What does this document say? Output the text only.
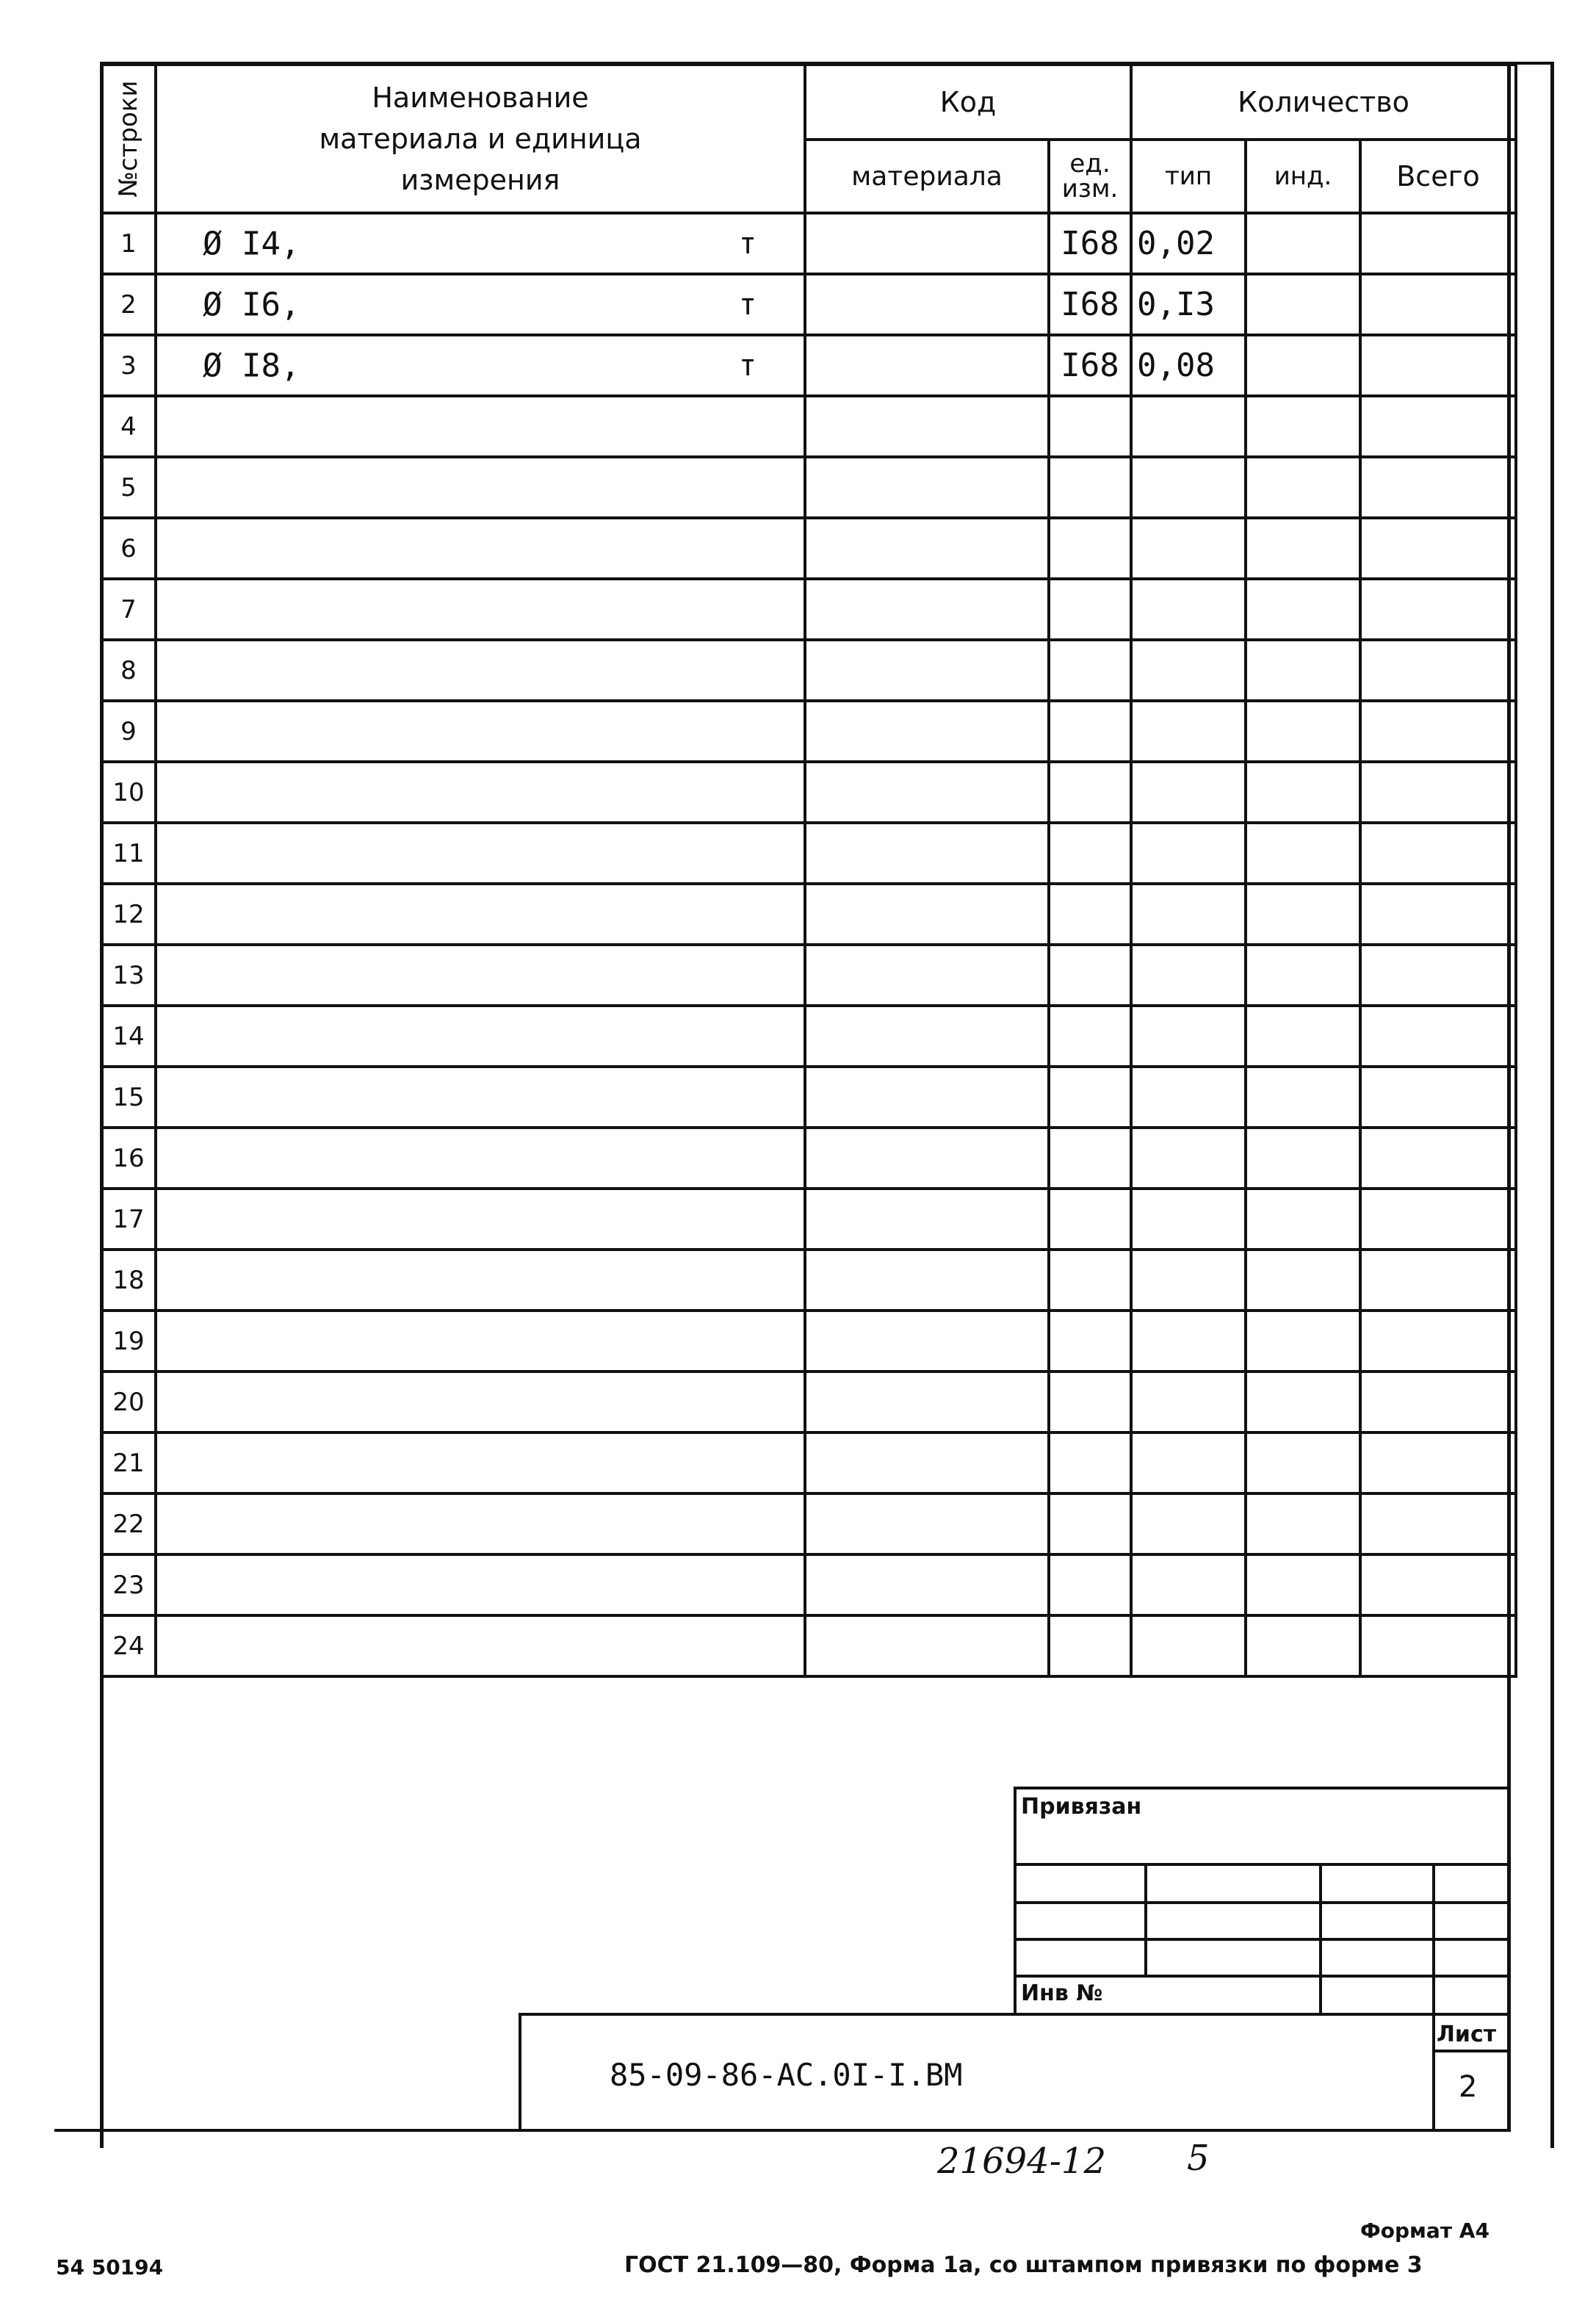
№строки	Наименование материала и единица измерения	Код		Количество		
		материала	ед. изм.	тип	инд.	Всего
1	Ø I4, т		I68	0,02		
2	Ø I6, т		I68	0,I3		
3	Ø I8, т		I68	0,08		
4						
5						
6						
7						
8						
9						
10						
11						
12						
13						
14						
15						
16						
17						
18						
19						
20						
21						
22						
23						
24						
Привязан
Инв №
85-09-86-АС.0I-I.ВМ
Лист
2
21694-12 5
Формат А4
54 50194	ГОСТ 21.109—80, Форма 1а, со штампом привязки по форме 3
